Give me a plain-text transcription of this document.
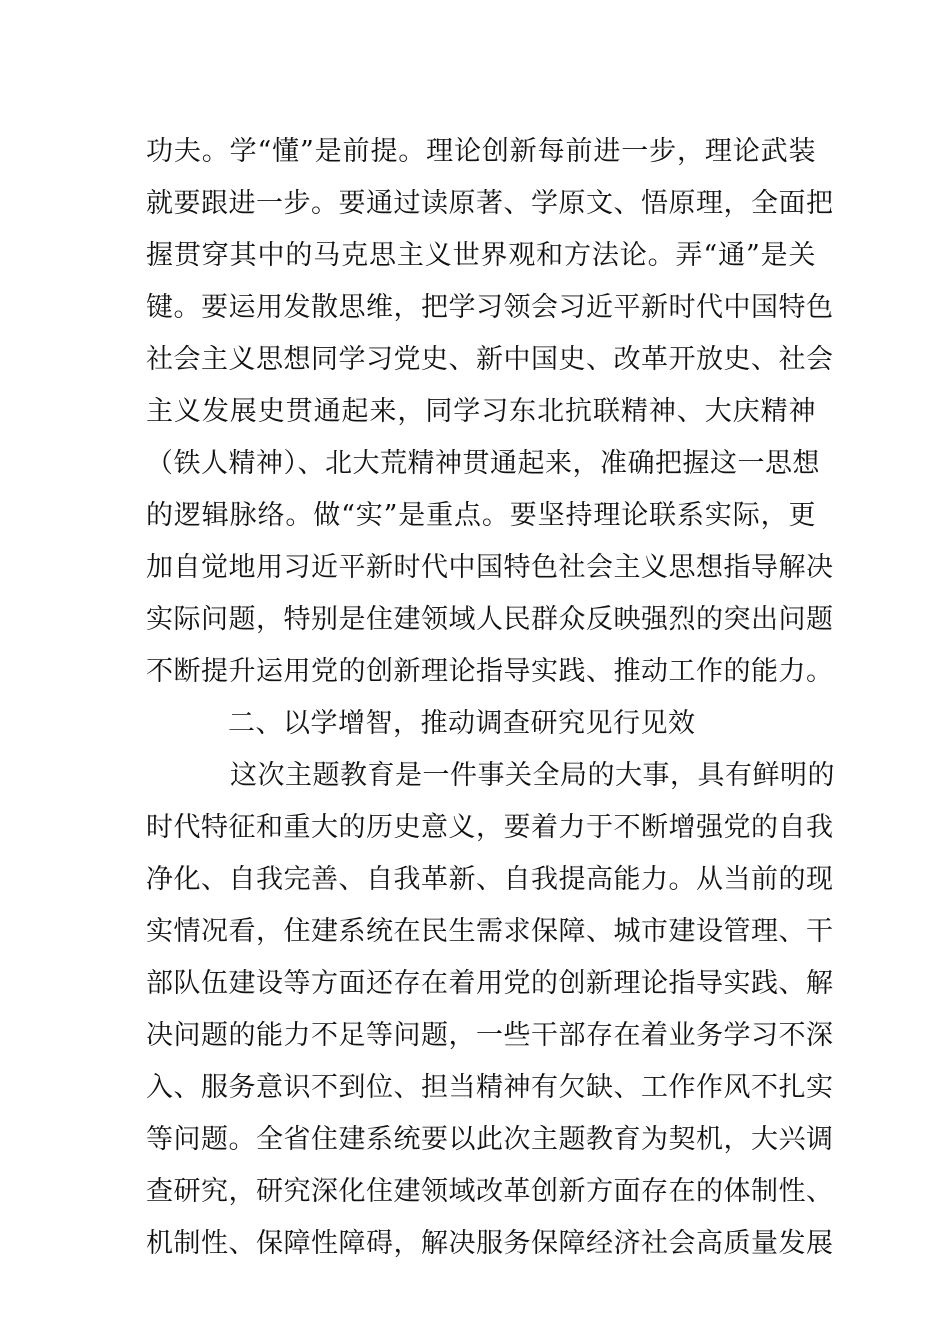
功夫。学“懂”是前提。理论创新每前进一步，理论武装
就要跟进一步。要通过读原著、学原文、悟原理，全面把
握贯穿其中的马克思主义世界观和方法论。弄“通”是关
键。要运用发散思维，把学习领会习近平新时代中国特色
社会主义思想同学习党史、新中国史、改革开放史、社会
主义发展史贯通起来，同学习东北抗联精神、大庆精神
（铁人精神）、北大荒精神贯通起来，准确把握这一思想
的逻辑脉络。做“实”是重点。要坚持理论联系实际，更
加自觉地用习近平新时代中国特色社会主义思想指导解决
实际问题，特别是住建领域人民群众反映强烈的突出问题
不断提升运用党的创新理论指导实践、推动工作的能力。
二、以学增智，推动调查研究见行见效
这次主题教育是一件事关全局的大事，具有鲜明的
时代特征和重大的历史意义，要着力于不断增强党的自我
净化、自我完善、自我革新、自我提高能力。从当前的现
实情况看，住建系统在民生需求保障、城市建设管理、干
部队伍建设等方面还存在着用党的创新理论指导实践、解
决问题的能力不足等问题，一些干部存在着业务学习不深
入、服务意识不到位、担当精神有欠缺、工作作风不扎实
等问题。全省住建系统要以此次主题教育为契机，大兴调
查研究，研究深化住建领域改革创新方面存在的体制性、
机制性、保障性障碍，解决服务保障经济社会高质量发展
